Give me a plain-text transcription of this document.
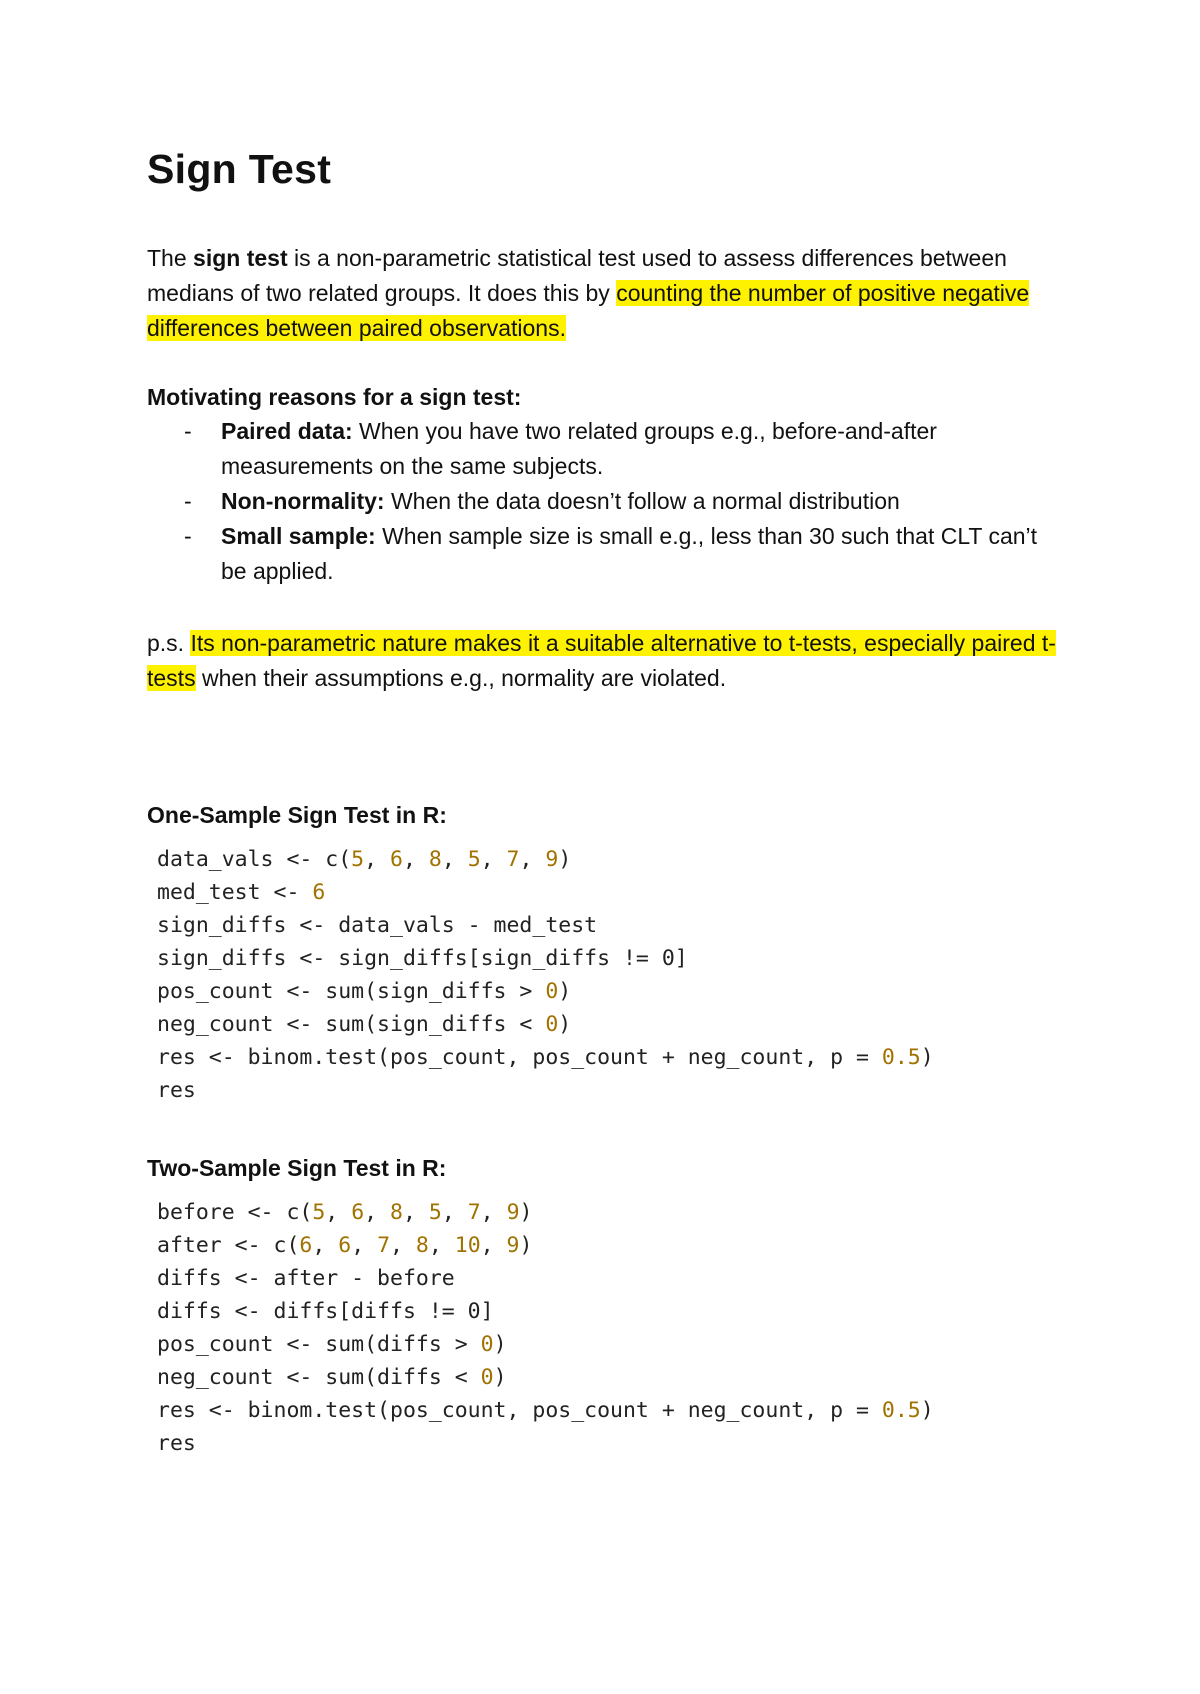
Sign Test

The sign test is a non-parametric statistical test used to assess differences between medians of two related groups. It does this by counting the number of positive negative differences between paired observations.

Motivating reasons for a sign test:

- Paired data: When you have two related groups e.g., before-and-after measurements on the same subjects.
- Non-normality: When the data doesn’t follow a normal distribution
- Small sample: When sample size is small e.g., less than 30 such that CLT can’t be applied.

p.s. Its non-parametric nature makes it a suitable alternative to t-tests, especially paired t-tests when their assumptions e.g., normality are violated.

One-Sample Sign Test in R:

data_vals <- c(5, 6, 8, 5, 7, 9)
med_test <- 6
sign_diffs <- data_vals - med_test
sign_diffs <- sign_diffs[sign_diffs != 0]
pos_count <- sum(sign_diffs > 0)
neg_count <- sum(sign_diffs < 0)
res <- binom.test(pos_count, pos_count + neg_count, p = 0.5)
res

Two-Sample Sign Test in R:

before <- c(5, 6, 8, 5, 7, 9)
after <- c(6, 6, 7, 8, 10, 9)
diffs <- after - before
diffs <- diffs[diffs != 0]
pos_count <- sum(diffs > 0)
neg_count <- sum(diffs < 0)
res <- binom.test(pos_count, pos_count + neg_count, p = 0.5)
res
